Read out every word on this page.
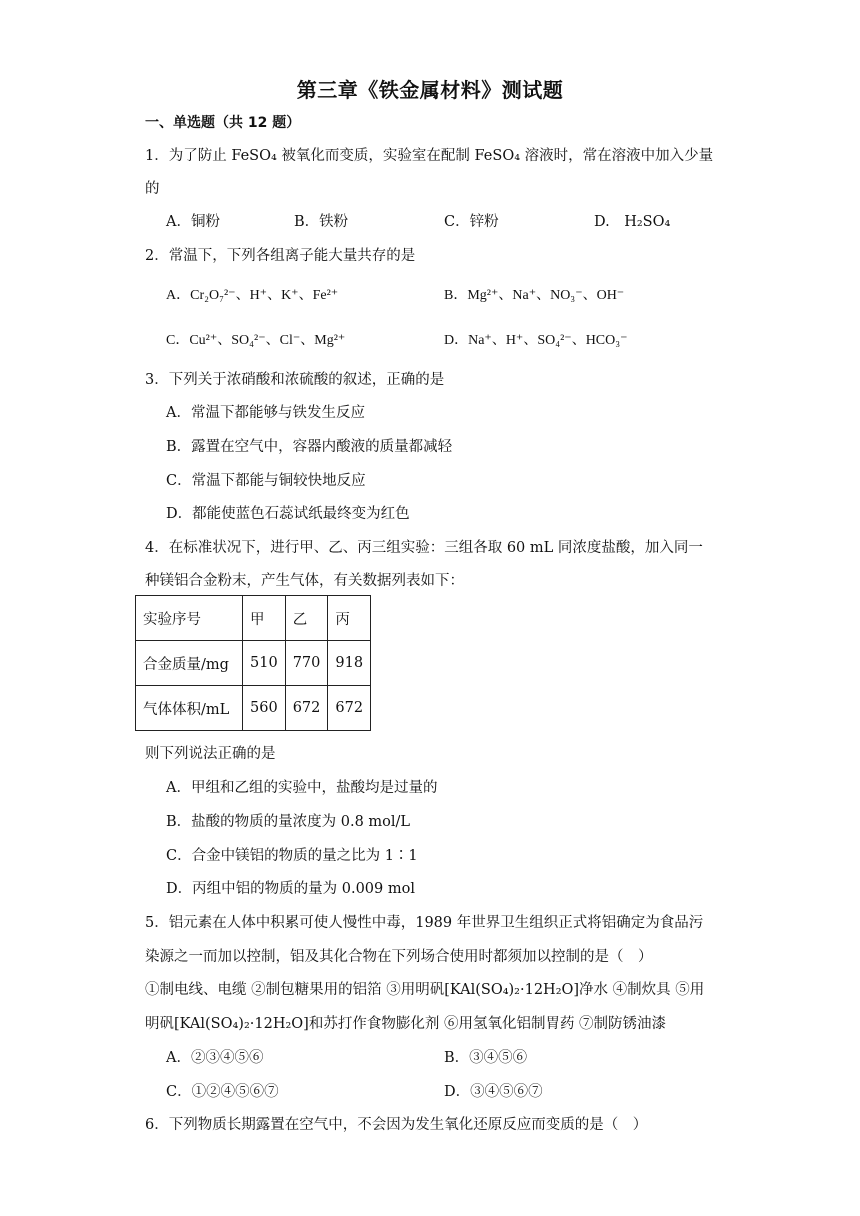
第三章《铁金属材料》测试题
一、单选题（共 12 题）
1．为了防止 FeSO₄ 被氧化而变质，实验室在配制 FeSO₄ 溶液时，常在溶液中加入少量
的
A．铜粉	B．铁粉	C．锌粉	D.　H₂SO₄
2．常温下，下列各组离子能大量共存的是
A．Cr₂O₇²⁻、H⁺、K⁺、Fe²⁺	B．Mg²⁺、Na⁺、NO₃⁻、OH⁻
C．Cu²⁺、SO₄²⁻、Cl⁻、Mg²⁺	D．Na⁺、H⁺、SO₄²⁻、HCO₃⁻
3．下列关于浓硝酸和浓硫酸的叙述，正确的是
A．常温下都能够与铁发生反应
B．露置在空气中，容器内酸液的质量都减轻
C．常温下都能与铜较快地反应
D．都能使蓝色石蕊试纸最终变为红色
4．在标准状况下，进行甲、乙、丙三组实验：三组各取 60 mL 同浓度盐酸，加入同一
种镁铝合金粉末，产生气体，有关数据列表如下：
实验序号	甲	乙	丙
合金质量/mg	510	770	918
气体体积/mL	560	672	672
则下列说法正确的是
A．甲组和乙组的实验中，盐酸均是过量的
B．盐酸的物质的量浓度为 0.8 mol/L
C．合金中镁铝的物质的量之比为 1∶1
D．丙组中铝的物质的量为 0.009 mol
5．铝元素在人体中积累可使人慢性中毒，1989 年世界卫生组织正式将铝确定为食品污
染源之一而加以控制，铝及其化合物在下列场合使用时都须加以控制的是（　）
①制电线、电缆 ②制包糖果用的铝箔 ③用明矾[KAl(SO₄)₂·12H₂O]净水 ④制炊具 ⑤用
明矾[KAl(SO₄)₂·12H₂O]和苏打作食物膨化剂 ⑥用氢氧化铝制胃药 ⑦制防锈油漆
A．②③④⑤⑥	B．③④⑤⑥
C．①②④⑤⑥⑦	D．③④⑤⑥⑦
6．下列物质长期露置在空气中，不会因为发生氧化还原反应而变质的是（　）
